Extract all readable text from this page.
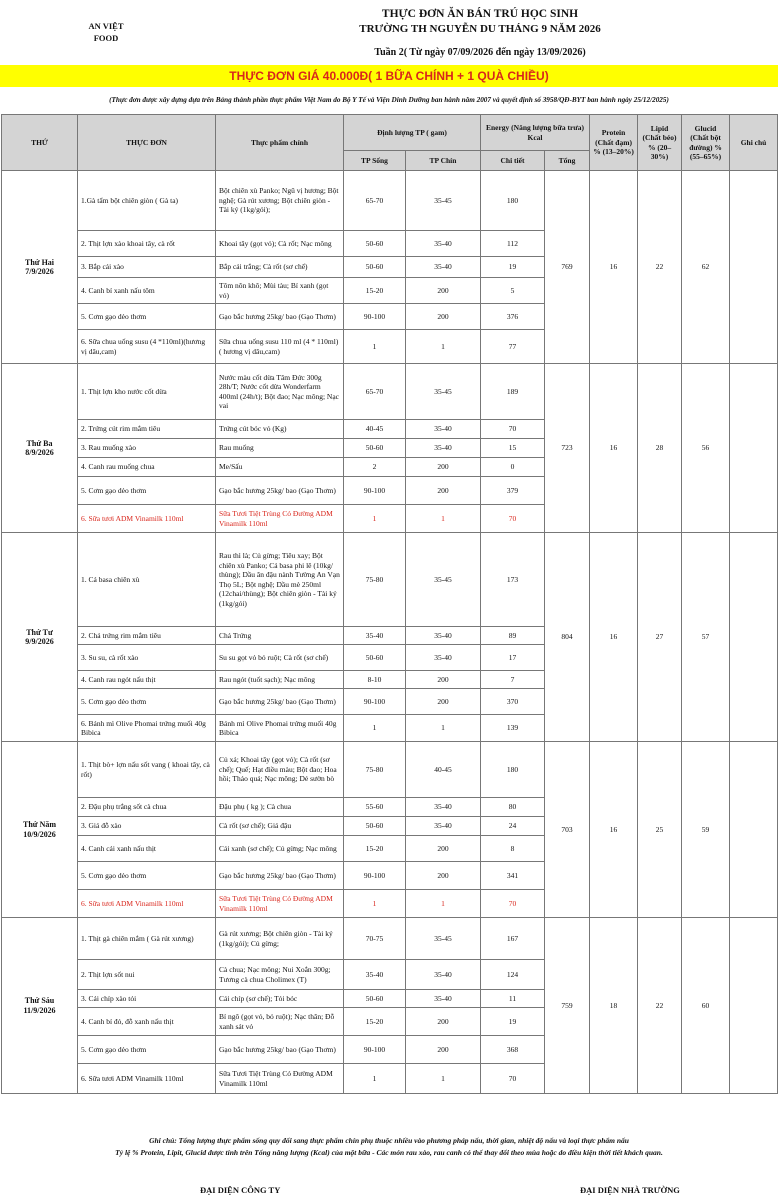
AN VIỆT
FOOD
THỰC ĐƠN ĂN BÁN TRÚ HỌC SINH
TRƯỜNG TH NGUYỄN DU THÁNG 9 NĂM 2026
Tuần 2( Từ ngày 07/09/2026 đến ngày 13/09/2026)
THỰC ĐƠN GIÁ 40.000Đ( 1 BỮA CHÍNH + 1 QUÀ CHIỀU)
(Thực đơn được xây dựng dựa trên Bảng thành phần thực phẩm Việt Nam do Bộ Y Tế và Viện Dinh Dưỡng ban hành năm 2007 và quyết định số 3958/QĐ-BYT ban hành ngày 25/12/2025)
THỨ	THỰC ĐƠN	Thực phẩm chính	Định lượng TP ( gam)		Energy (Năng lượng bữa trưa) Kcal		Protein (Chất đạm) % (13–20%)	Lipid (Chất béo) % (20–30%)	Glucid (Chất bột đường) % (55–65%)	Ghi chú
			TP Sống	TP Chín	Chi tiết	Tổng				

Thứ Hai
7/9/2026	1.Gà tẩm bột chiên giòn ( Gà ta)	Bột chiên xù Panko; Ngũ vị hương; Bột nghệ; Gà rút xương; Bột chiên giòn - Tài ký (1kg/gói);	65-70	35-45	180	769	16	22	62	
	2. Thịt lợn xào khoai tây, cà rốt	Khoai tây (gọt vỏ); Cà rốt; Nạc mông	50-60	35-40	112					
	3. Bắp cải xào	Bắp cải trắng; Cà rốt (sơ chế)	50-60	35-40	19					
	4. Canh bí xanh nấu tôm	Tôm nõn khô; Mùi tàu; Bí xanh (gọt vỏ)	15-20	200	5					
	5. Cơm gạo dẻo thơm	Gạo bắc hương 25kg/ bao (Gạo Thơm)	90-100	200	376					
	6. Sữa chua uống susu (4 *110ml)(hương vị dâu,cam)	Sữa chua uống susu 110 ml (4 * 110ml)( hương vị dâu,cam)	1	1	77					

Thứ Ba
8/9/2026	1. Thịt lợn kho nước cốt dừa	Nước màu cốt dừa Tâm Đức 300g 28h/T; Nước cốt dừa Wonderfarm 400ml (24h/t); Bột đao; Nạc mông; Nạc vai	65-70	35-45	189	723	16	28	56	
	2. Trứng cút rim mắm tiêu	Trứng cút bóc vỏ (Kg)	40-45	35-40	70					
	3. Rau muống xào	Rau muống	50-60	35-40	15					
	4. Canh rau muống chua	Me/Sấu	2	200	0					
	5. Cơm gạo dẻo thơm	Gạo bắc hương 25kg/ bao (Gạo Thơm)	90-100	200	379					
	6. Sữa tươi ADM Vinamilk 110ml	Sữa Tươi Tiệt Trùng Có Đường ADM Vinamilk 110ml	1	1	70					

Thứ Tư
9/9/2026	1. Cá basa chiên xù	Rau thì là; Củ gừng; Tiêu xay; Bột chiên xù Panko; Cá basa phi lê (10kg/ thùng); Dầu ăn đậu nành Tường An Vạn Thọ 5L; Bột nghệ; Dầu mè 250ml (12chai/thùng); Bột chiên giòn - Tài ký (1kg/gói)	75-80	35-45	173	804	16	27	57	
	2. Chả trứng rim mắm tiêu	Chả Trứng	35-40	35-40	89					
	3. Su su, cà rốt xào	Su su gọt vỏ bỏ ruột; Cà rốt (sơ chế)	50-60	35-40	17					
	4. Canh rau ngót nấu thịt	Rau ngót (tuốt sạch); Nạc mông	8-10	200	7					
	5. Cơm gạo dẻo thơm	Gạo bắc hương 25kg/ bao (Gạo Thơm)	90-100	200	370					
	6. Bánh mì Olive Phomai trứng muối 40g Bibica	Bánh mì Olive Phomai trứng muối 40g Bibica	1	1	139					

Thứ Năm
10/9/2026	1. Thịt bò+ lợn nấu sốt vang ( khoai tây, cà rốt)	Củ xả; Khoai tây (gọt vỏ); Cà rốt (sơ chế); Quế; Hạt điều màu; Bột đao; Hoa hồi; Thảo quả; Nạc mông; Dẻ sườn bò	75-80	40-45	180	703	16	25	59	
	2. Đậu phụ trắng sốt cà chua	Đậu phụ ( kg ); Cà chua	55-60	35-40	80					
	3. Giá đỗ xào	Cà rốt (sơ chế); Giá đậu	50-60	35-40	24					
	4. Canh cải xanh nấu thịt	Cải xanh (sơ chế); Củ gừng; Nạc mông	15-20	200	8					
	5. Cơm gạo dẻo thơm	Gạo bắc hương 25kg/ bao (Gạo Thơm)	90-100	200	341					
	6. Sữa tươi ADM Vinamilk 110ml	Sữa Tươi Tiệt Trùng Có Đường ADM Vinamilk 110ml	1	1	70					

Thứ Sáu
11/9/2026	1. Thịt gà chiên mắm ( Gà rút xương)	Gà rút xương; Bột chiên giòn - Tài ký (1kg/gói); Củ gừng;	70-75	35-45	167	759	18	22	60	
	2. Thịt lợn sốt nui	Cà chua; Nạc mông; Nui Xoắn 300g; Tương cà chua Cholimex (T)	35-40	35-40	124					
	3. Cải chíp xào tỏi	Cải chíp (sơ chế); Tỏi bóc	50-60	35-40	11					
	4. Canh bí đỏ, đỗ xanh nấu thịt	Bí ngô (gọt vỏ, bỏ ruột); Nạc thăn; Đỗ xanh sát vỏ	15-20	200	19					
	5. Cơm gạo dẻo thơm	Gạo bắc hương 25kg/ bao (Gạo Thơm)	90-100	200	368					
	6. Sữa tươi ADM Vinamilk 110ml	Sữa Tươi Tiệt Trùng Có Đường ADM Vinamilk 110ml	1	1	70					
Ghi chú: Tổng lượng thực phẩm sống quy đổi sang thực phẩm chín phụ thuộc nhiều vào phương pháp nấu, thời gian, nhiệt độ nấu và loại thực phẩm nấu
Tỷ lệ % Protein, Lipit, Glucid được tính trên Tổng năng lượng (Kcal) của một bữa - Các món rau xào, rau canh có thể thay đổi theo mùa hoặc do điều kiện thời tiết khách quan.
ĐẠI DIỆN CÔNG TY	ĐẠI DIỆN NHÀ TRƯỜNG
